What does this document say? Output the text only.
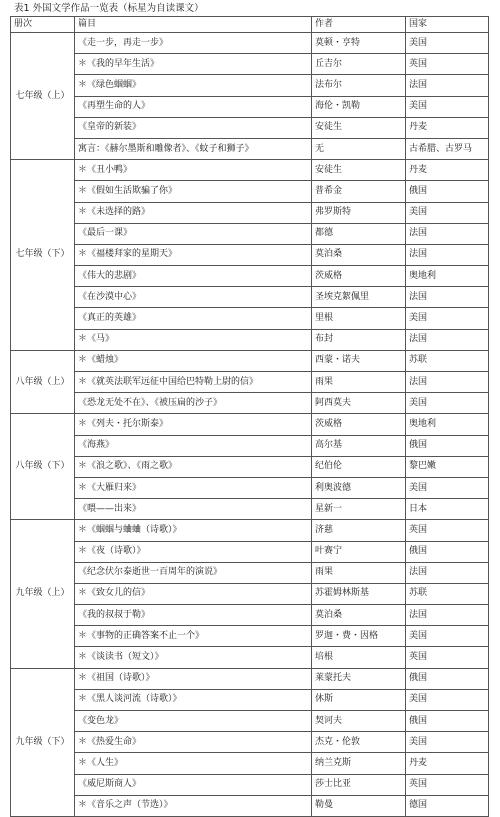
表1 外国文学作品一览表（标星为自读课文）
册次	篇目	作者	国家
七年级（上）	《走一步，再走一步》	莫顿・亨特	美国
	＊《我的早年生活》	丘吉尔	英国
	＊《绿色蝈蝈》	法布尔	法国
	《再塑生命的人》	海伦・凯勒	美国
	《皇帝的新装》	安徒生	丹麦
	寓言：《赫尔墨斯和雕像者》、《蚊子和狮子》	无	古希腊、古罗马
七年级（下）	＊《丑小鸭》	安徒生	丹麦
	＊《假如生活欺骗了你》	普希金	俄国
	＊《未选择的路》	弗罗斯特	美国
	《最后一课》	都德	法国
	＊《福楼拜家的星期天》	莫泊桑	法国
	《伟大的悲剧》	茨威格	奥地利
	《在沙漠中心》	圣埃克絮佩里	法国
	《真正的英雄》	里根	美国
	＊《马》	布封	法国
八年级（上）	＊《蜡烛》	西蒙・诺夫	苏联
	＊《就英法联军远征中国给巴特勒上尉的信》	雨果	法国
	《恐龙无处不在》、《被压扁的沙子》	阿西莫夫	美国
八年级（下）	＊《列夫・托尔斯泰》	茨威格	奥地利
	《海燕》	高尔基	俄国
	＊《浪之歌》、《雨之歌》	纪伯伦	黎巴嫩
	＊《大雁归来》	利奥波德	美国
	《喂——出来》	星新一	日本
九年级（上）	＊《蝈蝈与蛐蛐（诗歌）》	济慈	英国
	＊《夜（诗歌）》	叶赛宁	俄国
	《纪念伏尔泰逝世一百周年的演说》	雨果	法国
	＊《致女儿的信》	苏霍姆林斯基	苏联
	《我的叔叔于勒》	莫泊桑	法国
	＊《事物的正确答案不止一个》	罗迦・费・因格	美国
	＊《谈读书（短文）》	培根	英国
九年级（下）	＊《祖国（诗歌）》	莱蒙托夫	俄国
	＊《黑人谈河流（诗歌）》	休斯	美国
	《变色龙》	契诃夫	俄国
	＊《热爱生命》	杰克・伦敦	美国
	＊《人生》	纳兰克斯	丹麦
	《威尼斯商人》	莎士比亚	英国
	＊《音乐之声（节选）》	勒曼	德国
